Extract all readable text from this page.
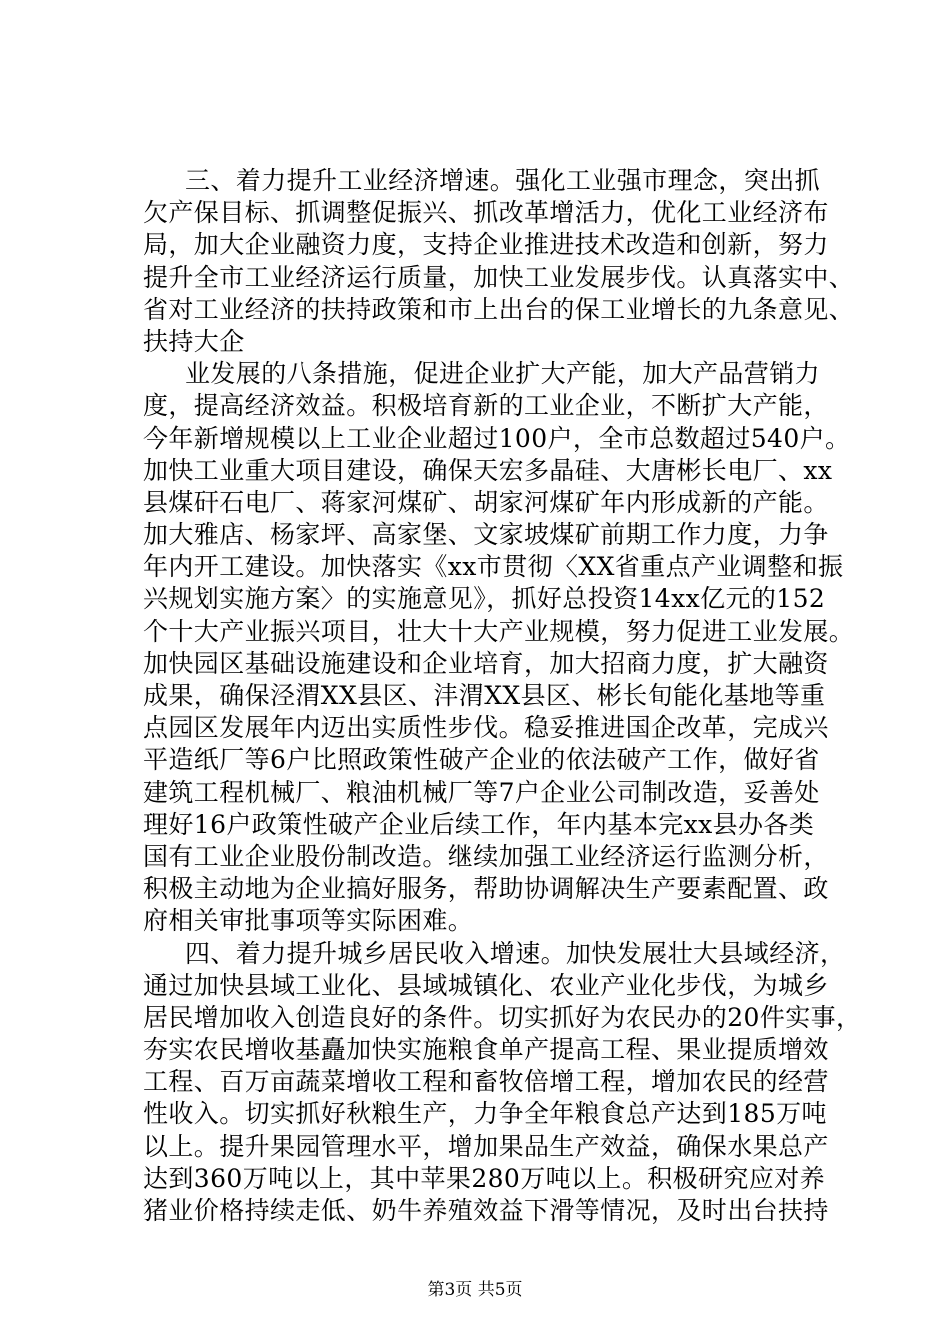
三、着力提升工业经济增速。强化工业强市理念，突出抓
欠产保目标、抓调整促振兴、抓改革增活力，优化工业经济布
局，加大企业融资力度，支持企业推进技术改造和创新，努力
提升全市工业经济运行质量，加快工业发展步伐。认真落实中、
省对工业经济的扶持政策和市上出台的保工业增长的九条意见、
扶持大企
业发展的八条措施，促进企业扩大产能，加大产品营销力
度，提高经济效益。积极培育新的工业企业，不断扩大产能，
今年新增规模以上工业企业超过100户，全市总数超过540户。
加快工业重大项目建设，确保天宏多晶硅、大唐彬长电厂、xx
县煤矸石电厂、蒋家河煤矿、胡家河煤矿年内形成新的产能。
加大雅店、杨家坪、高家堡、文家坡煤矿前期工作力度，力争
年内开工建设。加快落实《xx市贯彻〈XX省重点产业调整和振
兴规划实施方案〉的实施意见》，抓好总投资14xx亿元的152
个十大产业振兴项目，壮大十大产业规模，努力促进工业发展。
加快园区基础设施建设和企业培育，加大招商力度，扩大融资
成果，确保泾渭XX县区、沣渭XX县区、彬长旬能化基地等重
点园区发展年内迈出实质性步伐。稳妥推进国企改革，完成兴
平造纸厂等6户比照政策性破产企业的依法破产工作，做好省
建筑工程机械厂、粮油机械厂等7户企业公司制改造，妥善处
理好16户政策性破产企业后续工作，年内基本完xx县办各类
国有工业企业股份制改造。继续加强工业经济运行监测分析，
积极主动地为企业搞好服务，帮助协调解决生产要素配置、政
府相关审批事项等实际困难。
四、着力提升城乡居民收入增速。加快发展壮大县域经济，
通过加快县域工业化、县域城镇化、农业产业化步伐，为城乡
居民增加收入创造良好的条件。切实抓好为农民办的20件实事，
夯实农民增收基矗加快实施粮食单产提高工程、果业提质增效
工程、百万亩蔬菜增收工程和畜牧倍增工程，增加农民的经营
性收入。切实抓好秋粮生产，力争全年粮食总产达到185万吨
以上。提升果园管理水平，增加果品生产效益，确保水果总产
达到360万吨以上，其中苹果280万吨以上。积极研究应对养
猪业价格持续走低、奶牛养殖效益下滑等情况，及时出台扶持
第3页 共5页
